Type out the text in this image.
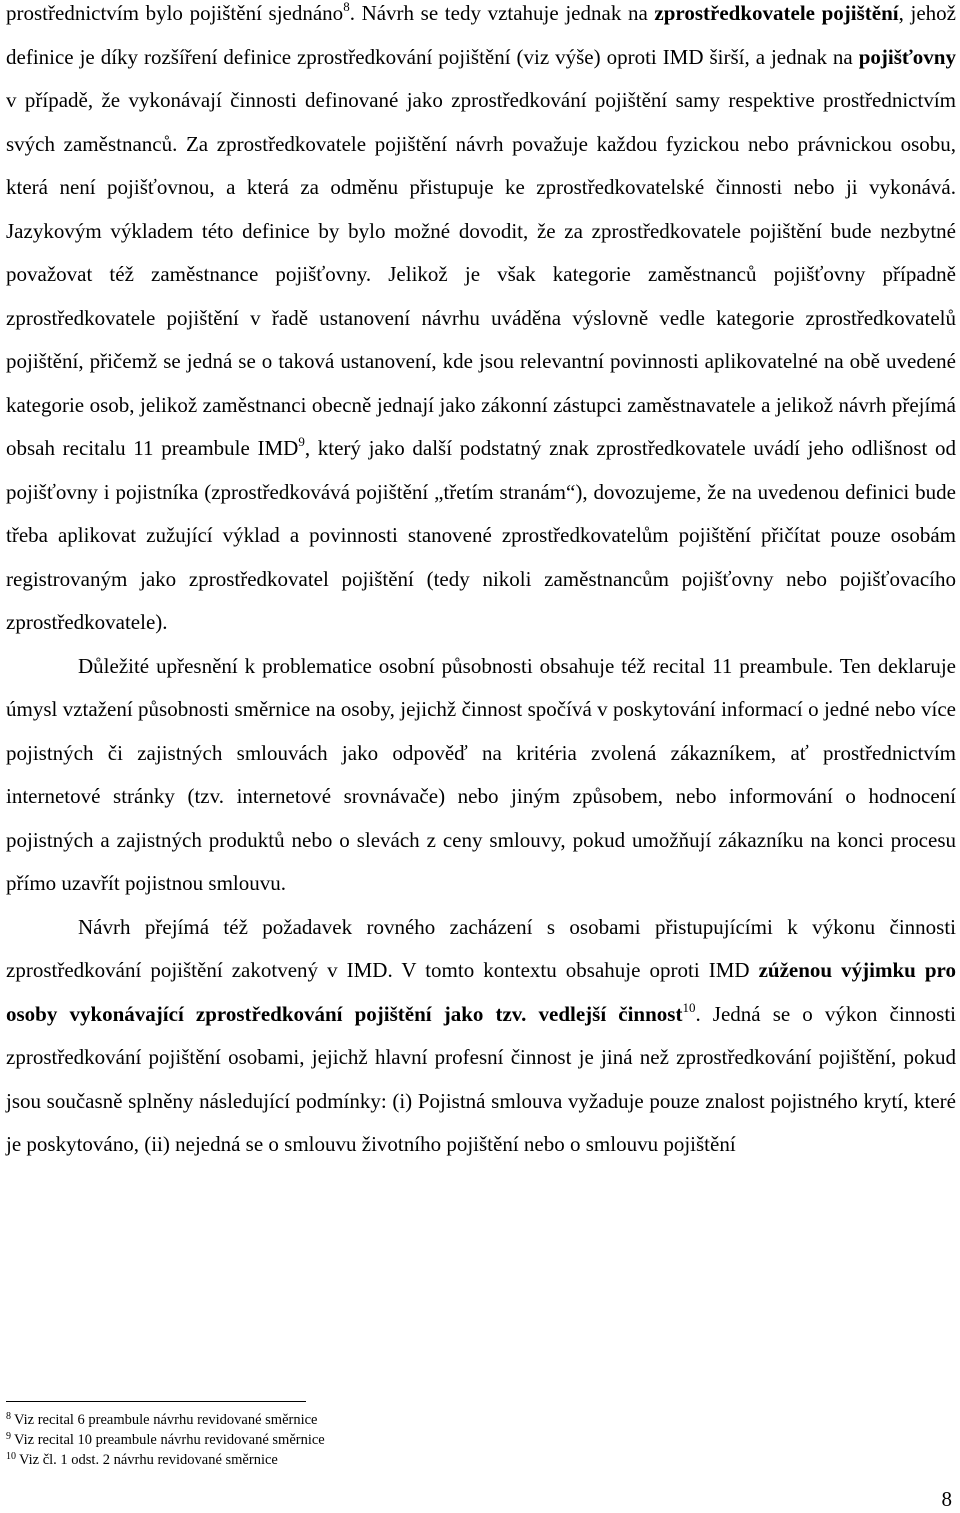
prostřednictvím bylo pojištění sjednáno$^8$. Návrh se tedy vztahuje jednak na zprostředkovatele pojištění, jehož definice je díky rozšíření definice zprostředkování pojištění (viz výše) oproti IMD širší, a jednak na pojišťovny v případě, že vykonávají činnosti definované jako zprostředkování pojištění samy respektive prostřednictvím svých zaměstnanců. Za zprostředkovatele pojištění návrh považuje každou fyzickou nebo právnickou osobu, která není pojišťovnou, a která za odměnu přistupuje ke zprostředkovatelské činnosti nebo ji vykonává. Jazykovým výkladem této definice by bylo možné dovodit, že za zprostředkovatele pojištění bude nezbytné považovat též zaměstnance pojišťovny. Jelikož je však kategorie zaměstnanců pojišťovny případně zprostředkovatele pojištění v řadě ustanovení návrhu uváděna výslovně vedle kategorie zprostředkovatelů pojištění, přičemž se jedná se o taková ustanovení, kde jsou relevantní povinnosti aplikovatelné na obě uvedené kategorie osob, jelikož zaměstnanci obecně jednají jako zákonní zástupci zaměstnavatele a jelikož návrh přejímá obsah recitalu 11 preambule IMD$^9$, který jako další podstatný znak zprostředkovatele uvádí jeho odlišnost od pojišťovny i pojistníka (zprostředkovává pojištění „třetím stranám“), dovozujeme, že na uvedenou definici bude třeba aplikovat zužující výklad a povinnosti stanovené zprostředkovatelům pojištění přičítat pouze osobám registrovaným jako zprostředkovatel pojištění (tedy nikoli zaměstnancům pojišťovny nebo pojišťovacího zprostředkovatele).

Důležité upřesnění k problematice osobní působnosti obsahuje též recital 11 preambule. Ten deklaruje úmysl vztažení působnosti směrnice na osoby, jejichž činnost spočívá v poskytování informací o jedné nebo více pojistných či zajistných smlouvách jako odpověď na kritéria zvolená zákazníkem, ať prostřednictvím internetové stránky (tzv. internetové srovnávače) nebo jiným způsobem, nebo informování o hodnocení pojistných a zajistných produktů nebo o slevách z ceny smlouvy, pokud umožňují zákazníku na konci procesu přímo uzavřít pojistnou smlouvu.

Návrh přejímá též požadavek rovného zacházení s osobami přistupujícími k výkonu činnosti zprostředkování pojištění zakotvený v IMD. V tomto kontextu obsahuje oproti IMD zúženou výjimku pro osoby vykonávající zprostředkování pojištění jako tzv. vedlejší činnost$^{10}$. Jedná se o výkon činnosti zprostředkování pojištění osobami, jejichž hlavní profesní činnost je jiná než zprostředkování pojištění, pokud jsou současně splněny následující podmínky: (i) Pojistná smlouva vyžaduje pouze znalost pojistného krytí, které je poskytováno, (ii) nejedná se o smlouvu životního pojištění nebo o smlouvu pojištění

$^8$ Viz recital 6 preambule návrhu revidované směrnice

$^9$ Viz recital 10 preambule návrhu revidované směrnice

$^{10}$ Viz čl. 1 odst. 2 návrhu revidované směrnice

8
